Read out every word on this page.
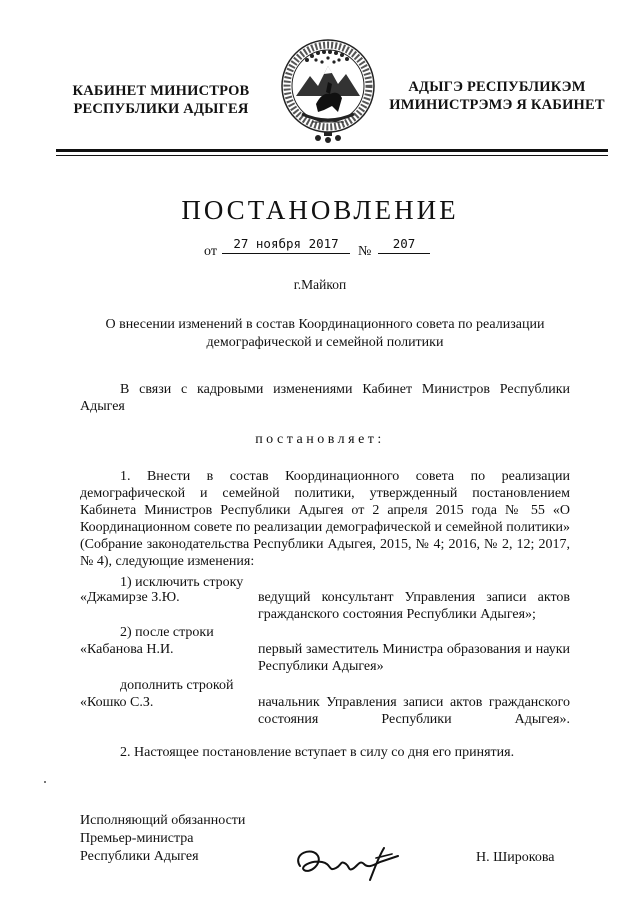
КАБИНЕТ МИНИСТРОВ
РЕСПУБЛИКИ АДЫГЕЯ
АДЫГЭ РЕСПУБЛИКЭМ
ИМИНИСТРЭМЭ Я КАБИНЕТ
ПОСТАНОВЛЕНИЕ
от
27 ноября 2017
№
207
г.Майкоп
О внесении изменений в состав Координационного совета по реализации
демографической и семейной политики
В связи с кадровыми изменениями Кабинет Министров Республики Адыгея
постановляет:
1. Внести в состав Координационного совета по реализации демографической и семейной политики, утвержденный постановлением Кабинета Министров Республики Адыгея от 2 апреля 2015 года № 55 «О Координационном совете по реализации демографической и семейной политики» (Собрание законодательства Республики Адыгея, 2015, № 4; 2016, № 2, 12; 2017, № 4), следующие изменения:
1) исключить строку
«Джамирзе З.Ю.	ведущий консультант Управления записи актов гражданского состояния Республики Адыгея»;
2) после строки
«Кабанова Н.И.	первый заместитель Министра образования и науки Республики Адыгея»
дополнить строкой
«Кошко С.З.	начальник Управления записи актов гражданского состояния Республики Адыгея».
2. Настоящее постановление вступает в силу со дня его принятия.
Исполняющий обязанности
Премьер-министра
Республики Адыгея	Н. Широкова
